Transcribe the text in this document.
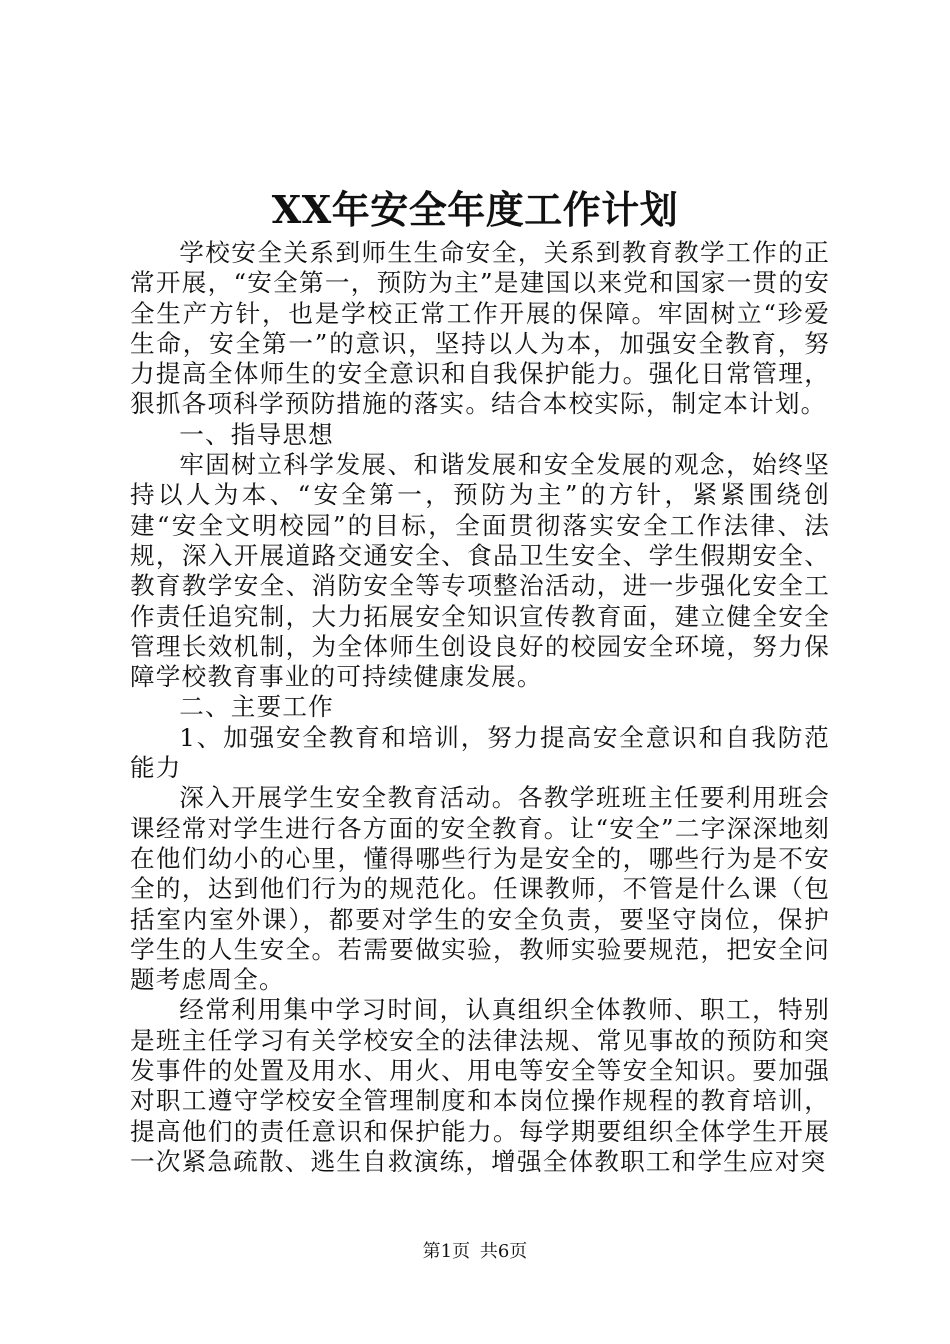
XX年安全年度工作计划

学校安全关系到师生生命安全，关系到教育教学工作的正常开展，“安全第一，预防为主”是建国以来党和国家一贯的安全生产方针，也是学校正常工作开展的保障。牢固树立“珍爱生命，安全第一”的意识，坚持以人为本，加强安全教育，努力提高全体师生的安全意识和自我保护能力。强化日常管理，狠抓各项科学预防措施的落实。结合本校实际，制定本计划。

一、指导思想

牢固树立科学发展、和谐发展和安全发展的观念，始终坚持以人为本、“安全第一，预防为主”的方针，紧紧围绕创建“安全文明校园”的目标，全面贯彻落实安全工作法律、法规，深入开展道路交通安全、食品卫生安全、学生假期安全、教育教学安全、消防安全等专项整治活动，进一步强化安全工作责任追究制，大力拓展安全知识宣传教育面，建立健全安全管理长效机制，为全体师生创设良好的校园安全环境，努力保障学校教育事业的可持续健康发展。

二、主要工作

1、加强安全教育和培训，努力提高安全意识和自我防范能力

深入开展学生安全教育活动。各教学班班主任要利用班会课经常对学生进行各方面的安全教育。让“安全”二字深深地刻在他们幼小的心里，懂得哪些行为是安全的，哪些行为是不安全的，达到他们行为的规范化。任课教师，不管是什么课（包括室内室外课），都要对学生的安全负责，要坚守岗位，保护学生的人生安全。若需要做实验，教师实验要规范，把安全问题考虑周全。

经常利用集中学习时间，认真组织全体教师、职工，特别是班主任学习有关学校安全的法律法规、常见事故的预防和突发事件的处置及用水、用火、用电等安全等安全知识。要加强对职工遵守学校安全管理制度和本岗位操作规程的教育培训，提高他们的责任意识和保护能力。每学期要组织全体学生开展一次紧急疏散、逃生自救演练，增强全体教职工和学生应对突

第1页 共6页
